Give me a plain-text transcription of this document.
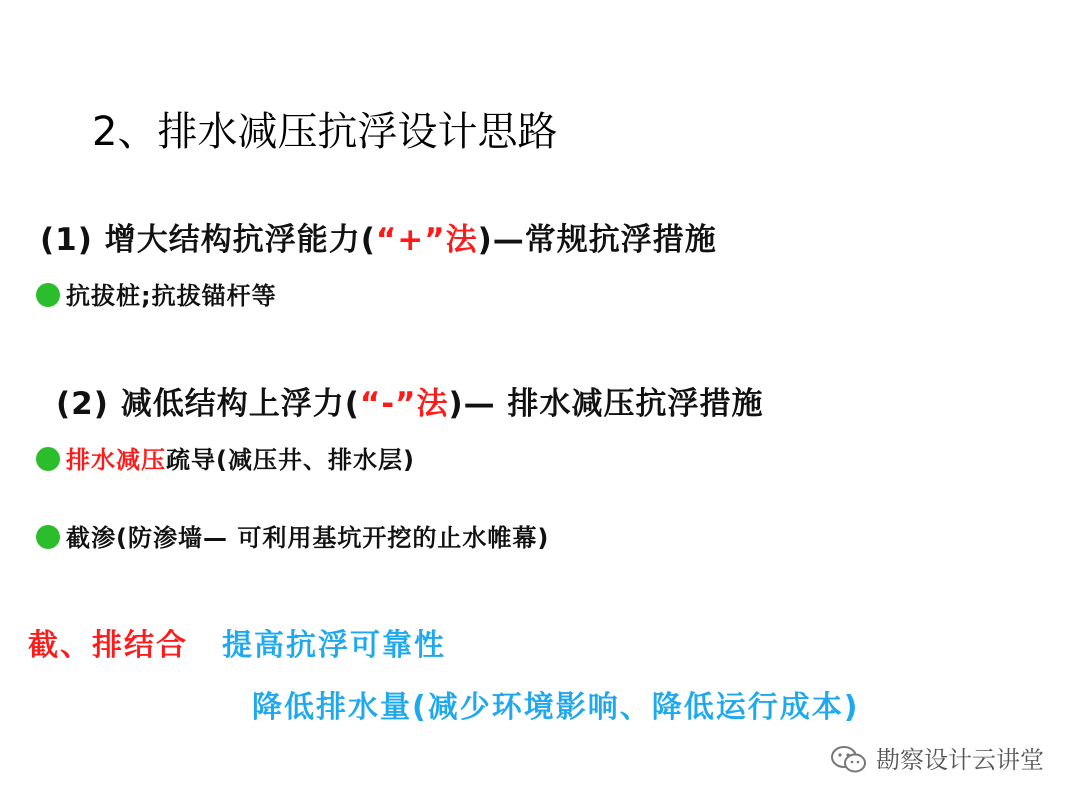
2、排水减压抗浮设计思路
(1) 增大结构抗浮能力(“+”法)—常规抗浮措施
抗拔桩;抗拔锚杆等
(2) 减低结构上浮力(“-”法)— 排水减压抗浮措施
排水减压疏导(减压井、排水层)
截渗(防渗墙— 可利用基坑开挖的止水帷幕)
截、排结合 提高抗浮可靠性
降低排水量(减少环境影响、降低运行成本)
勘察设计云讲堂
